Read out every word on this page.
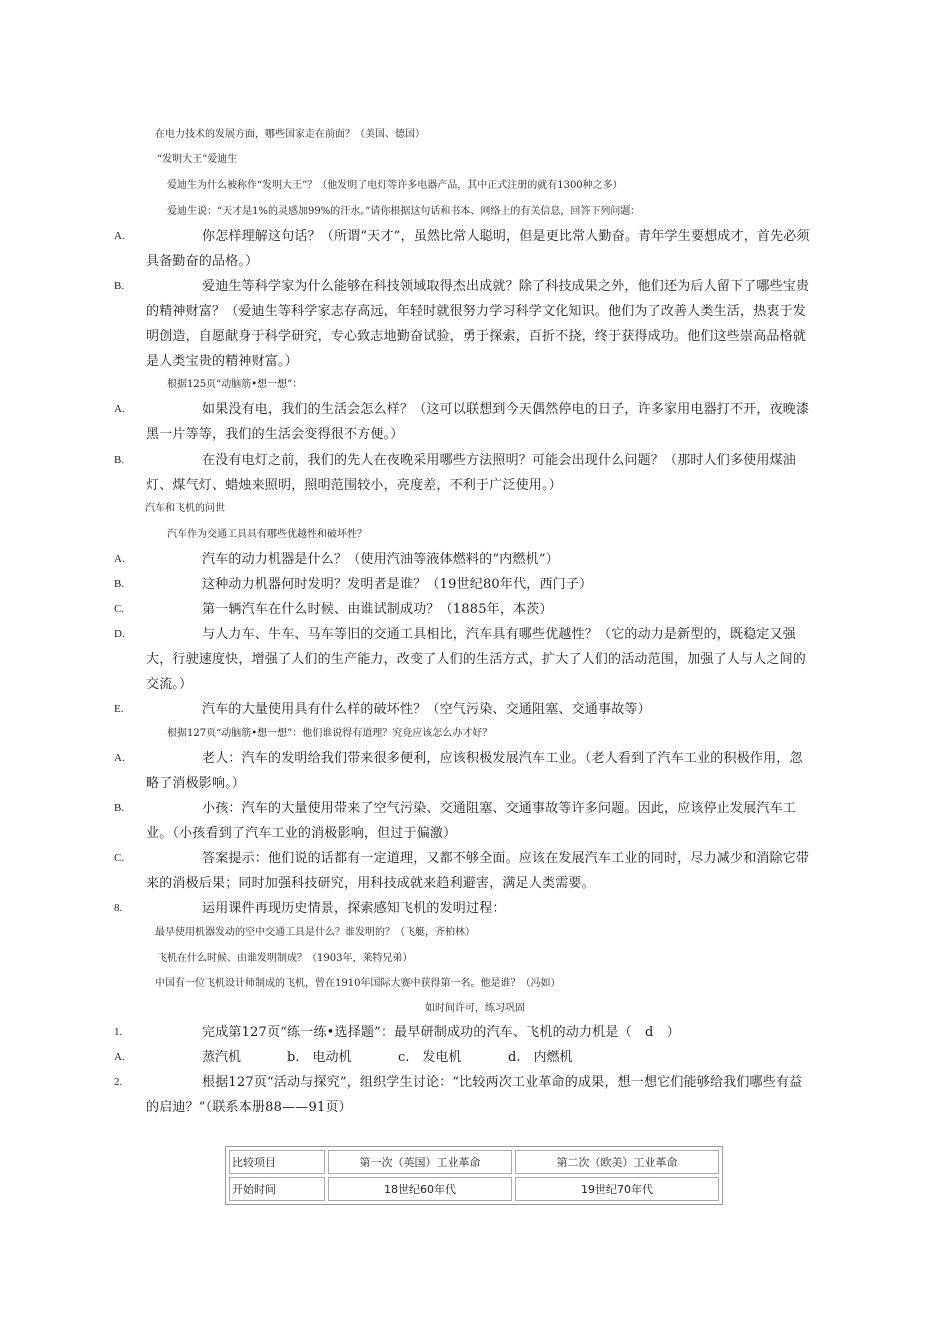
在电力技术的发展方面，哪些国家走在前面？（美国、德国）
“发明大王”爱迪生
爱迪生为什么被称作“发明大王”？（他发明了电灯等许多电器产品，其中正式注册的就有1300种之多）
爱迪生说：“天才是1%的灵感加99%的汗水。”请你根据这句话和书本、网络上的有关信息，回答下列问题：
A.	你怎样理解这句话？（所谓“天才”，虽然比常人聪明，但是更比常人勤奋。青年学生要想成才，首先必须具备勤奋的品格。）
B.	爱迪生等科学家为什么能够在科技领域取得杰出成就？除了科技成果之外，他们还为后人留下了哪些宝贵的精神财富？（爱迪生等科学家志存高远，年轻时就很努力学习科学文化知识。他们为了改善人类生活，热衷于发明创造，自愿献身于科学研究，专心致志地勤奋试验，勇于探索，百折不挠，终于获得成功。他们这些崇高品格就是人类宝贵的精神财富。）
根据125页“动脑筋•想一想”：
A.	如果没有电，我们的生活会怎么样？（这可以联想到今天偶然停电的日子，许多家用电器打不开，夜晚漆黑一片等等，我们的生活会变得很不方便。）
B.	在没有电灯之前，我们的先人在夜晚采用哪些方法照明？可能会出现什么问题？（那时人们多使用煤油灯、煤气灯、蜡烛来照明，照明范围较小，亮度差，不利于广泛使用。）
汽车和飞机的问世
汽车作为交通工具具有哪些优越性和破坏性？
A.	汽车的动力机器是什么？（使用汽油等液体燃料的“内燃机”）
B.	这种动力机器何时发明？发明者是谁？（19世纪80年代，西门子）
C.	第一辆汽车在什么时候、由谁试制成功？（1885年，本茨）
D.	与人力车、牛车、马车等旧的交通工具相比，汽车具有哪些优越性？（它的动力是新型的，既稳定又强大，行驶速度快，增强了人们的生产能力，改变了人们的生活方式，扩大了人们的活动范围，加强了人与人之间的交流。）
E.	汽车的大量使用具有什么样的破坏性？（空气污染、交通阻塞、交通事故等）
根据127页“动脑筋•想一想”：他们谁说得有道理？究竟应该怎么办才好？
A.	老人：汽车的发明给我们带来很多便利，应该积极发展汽车工业。（老人看到了汽车工业的积极作用，忽略了消极影响。）
B.	小孩：汽车的大量使用带来了空气污染、交通阻塞、交通事故等许多问题。因此，应该停止发展汽车工业。（小孩看到了汽车工业的消极影响，但过于偏激）
C.	答案提示：他们说的话都有一定道理，又都不够全面。应该在发展汽车工业的同时，尽力减少和消除它带来的消极后果；同时加强科技研究，用科技成就来趋利避害，满足人类需要。
8.	运用课件再现历史情景，探索感知飞机的发明过程：
最早使用机器发动的空中交通工具是什么？谁发明的？（飞艇，齐柏林）
飞机在什么时候、由谁发明制成？（1903年，莱特兄弟）
中国有一位飞机设计师制成的飞机，曾在1910年国际大赛中获得第一名。他是谁？（冯如）
如时间许可，练习巩固
1.	完成第127页“练一练•选择题”：最早研制成功的汽车、飞机的动力机是（　d　）
A.	蒸汽机	b.　电动机	c.　发电机	d.　内燃机
2.	根据127页“活动与探究”，组织学生讨论：“比较两次工业革命的成果，想一想它们能够给我们哪些有益的启迪？”（联系本册88——91页）
比较项目	第一次（英国）工业革命	第二次（欧美）工业革命
开始时间	18世纪60年代	19世纪70年代
